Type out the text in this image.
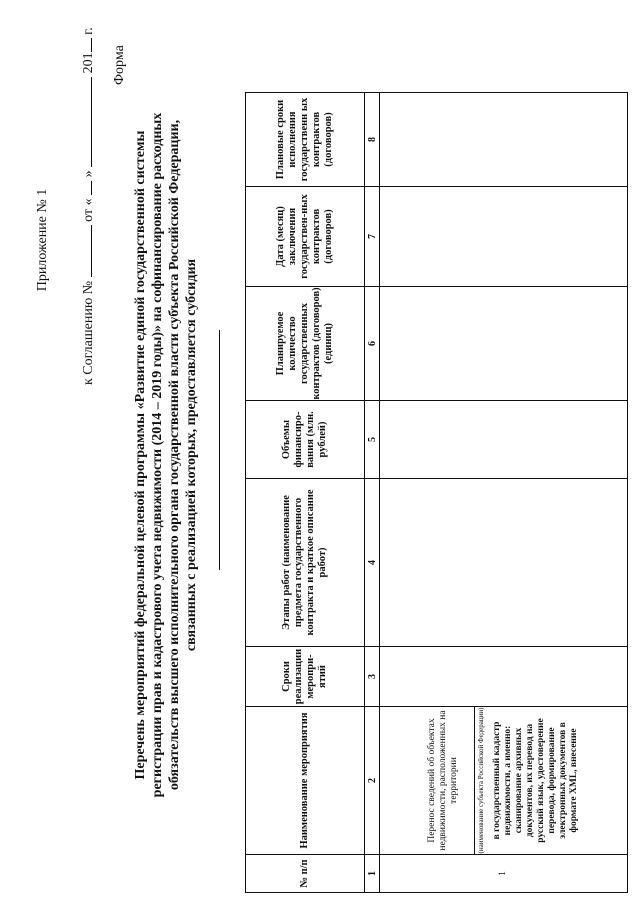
Приложение № 1
к Соглашению №  от «  »  201 г.
Форма
Перечень мероприятий федеральной целевой программы «Развитие единой государственной системы регистрации прав и кадастрового учета недвижимости (2014 – 2019 годы)» на софинансирование расходных обязательств высшего исполнительного органа государственной власти субъекта Российской Федерации, связанных с реализацией которых, предоставляется субсидия
№ п/п	Наименование мероприятия	Сроки реализации меропри-ятий	Этапы работ (наименование предмета государственного контракта и краткое описание работ)	Объемы финансиро-вания (млн. рублей)	Планируемое количество государственных контрактов (договоров) (единиц)	Дата (месяц) заключения государствен-ных контрактов (договоров)	Плановые сроки исполнения государственн ых контрактов (договоров)
1	2	3	4	5	6	7	8
1	Перенос сведений об объектах недвижимости, расположенных на территории (наименование субъекта Российской Федерации) в государственный кадастр недвижимости, а именно: сканирование архивных документов, их перевод на русский язык, удостоверение перевода, формирование электронных документов в формате XML, внесение						
